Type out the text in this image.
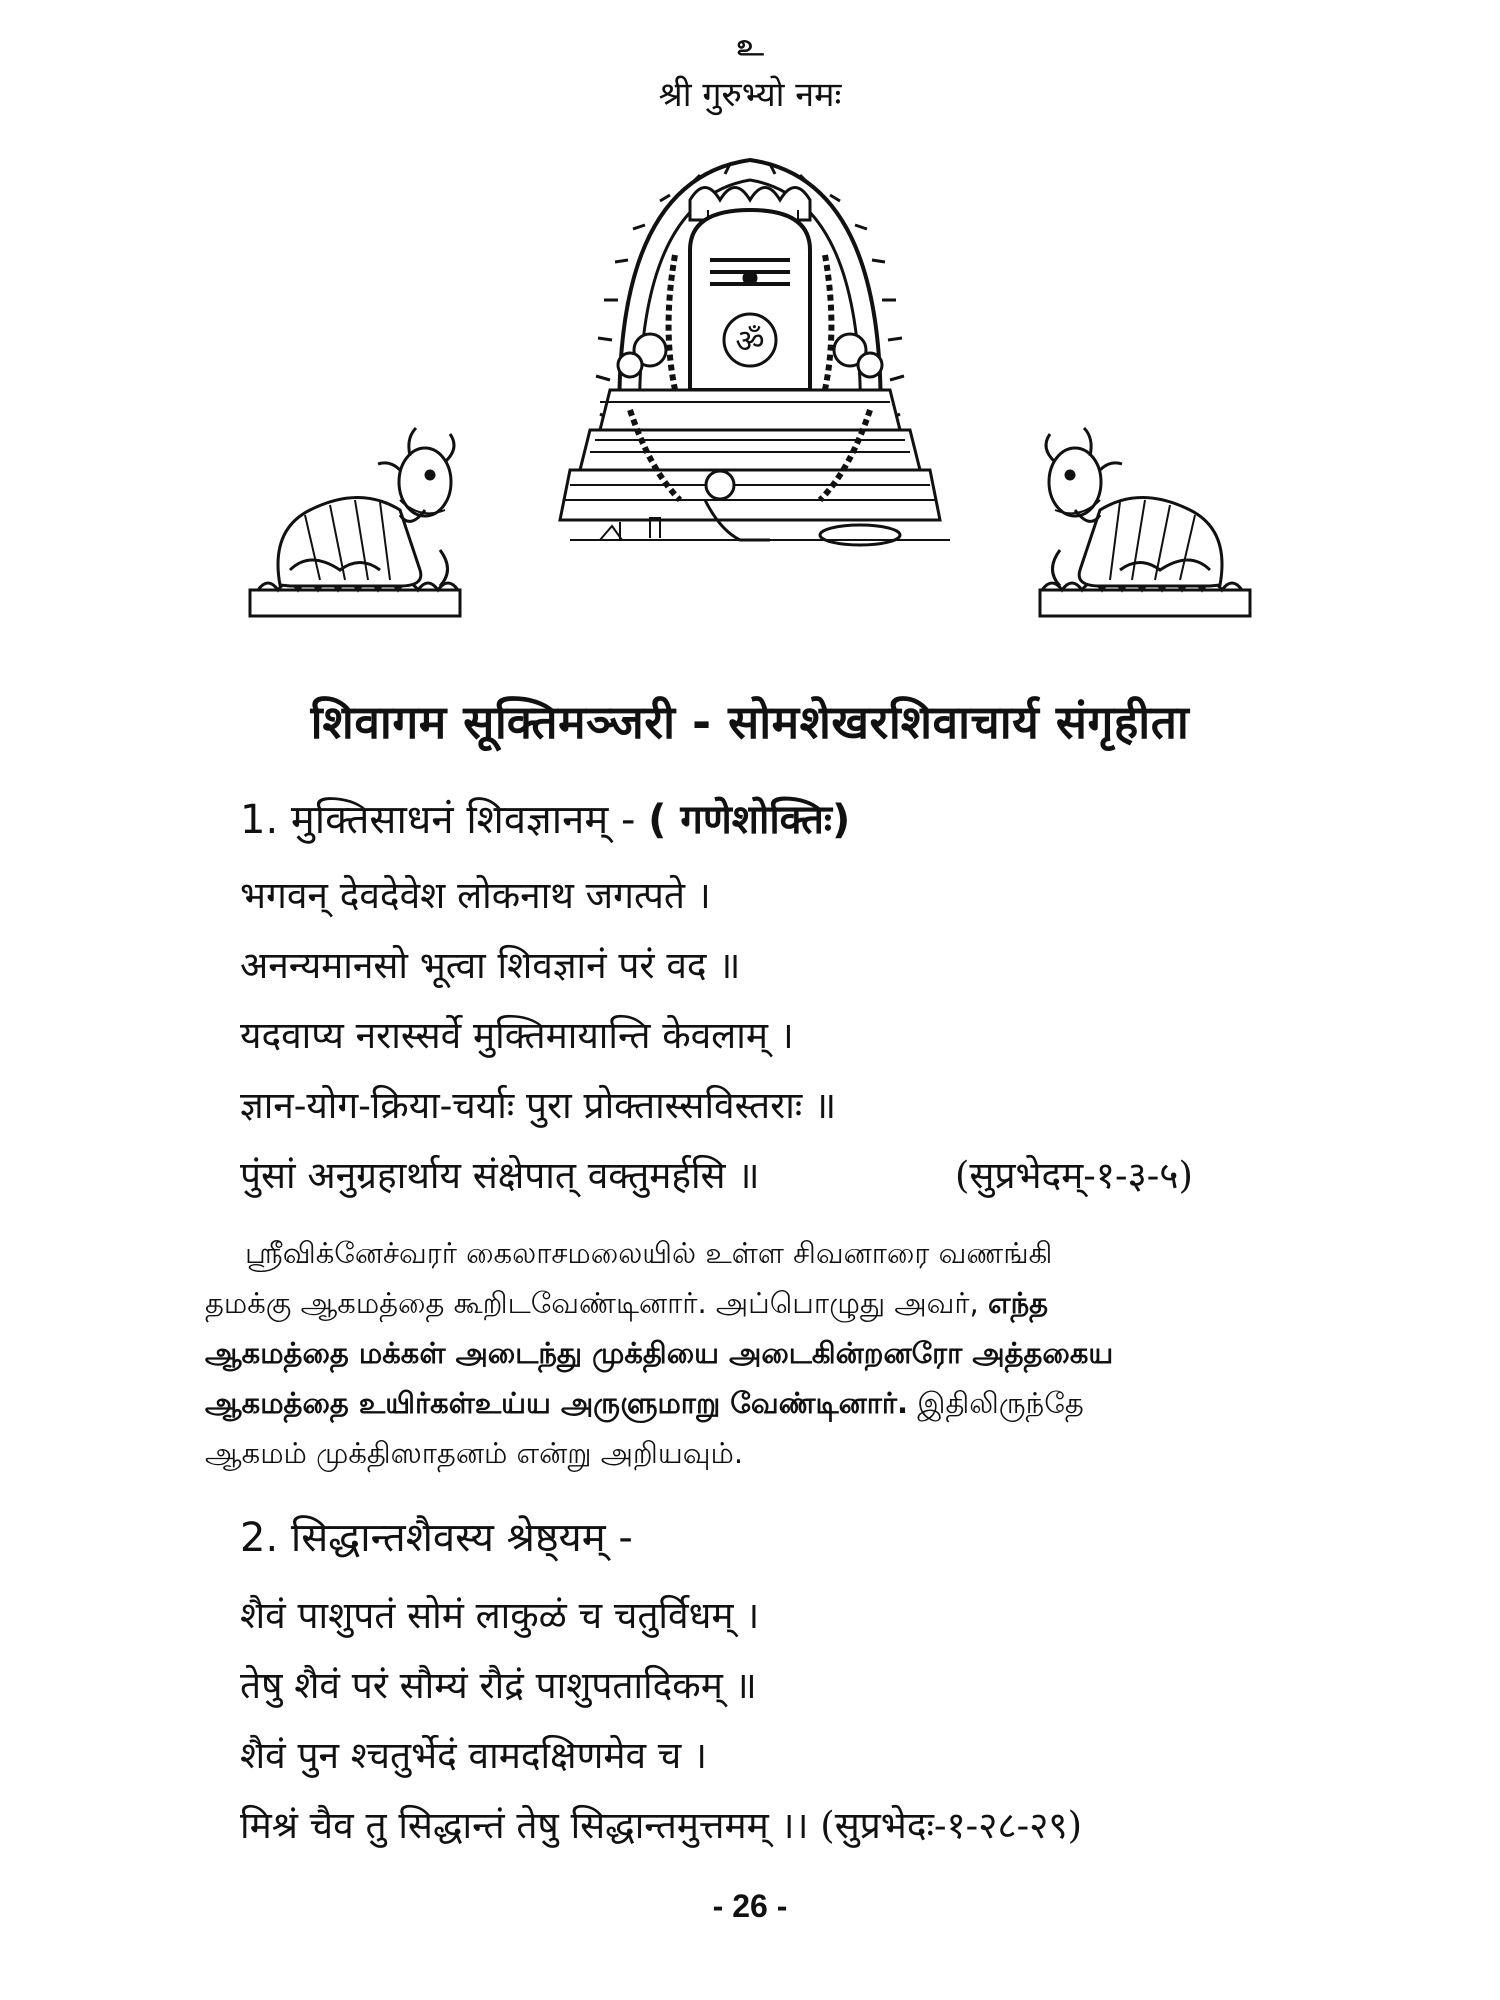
உ
श्री गुरुभ्यो नमः
ॐ
शिवागम सूक्तिमञ्जरी - सोमशेखरशिवाचार्य संगृहीता
1. मुक्तिसाधनं शिवज्ञानम् - ( गणेशोक्तिः)
भगवन् देवदेवेश लोकनाथ जगत्पते ।
अनन्यमानसो भूत्वा शिवज्ञानं परं वद ॥
यदवाप्य नरास्सर्वे मुक्तिमायान्ति केवलाम् ।
ज्ञान-योग-क्रिया-चर्याः पुरा प्रोक्तास्सविस्तराः ॥
पुंसां अनुग्रहार्थाय संक्षेपात् वक्तुमर्हसि ॥	(सुप्रभेदम्-१-३-५)
ஸ்ரீவிக்னேச்வரர் கைலாசமலையில் உள்ள சிவனாரை வணங்கி
தமக்கு ஆகமத்தை கூறிடவேண்டினார். அப்பொழுது அவர், எந்த
ஆகமத்தை மக்கள் அடைந்து முக்தியை அடைகின்றனரோ அத்தகைய
ஆகமத்தை உயிர்கள்உய்ய அருளுமாறு வேண்டினார். இதிலிருந்தே
ஆகமம் முக்திஸாதனம் என்று அறியவும்.
2. सिद्धान्तशैवस्य श्रेष्ठ्यम् -
शैवं पाशुपतं सोमं लाकुळं च चतुर्विधम् ।
तेषु शैवं परं सौम्यं रौद्रं पाशुपतादिकम् ॥
शैवं पुन श्चतुर्भेदं वामदक्षिणमेव च ।
मिश्रं चैव तु सिद्धान्तं तेषु सिद्धान्तमुत्तमम् ।। (सुप्रभेदः-१-२८-२९)
- 26 -
